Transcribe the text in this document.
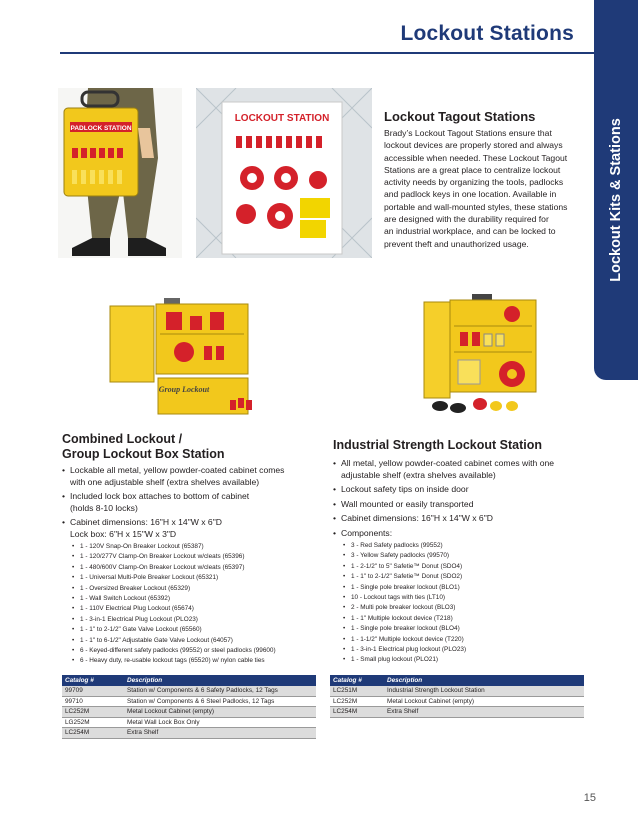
Lockout Stations
Lockout Kits & Stations
PADLOCK STATION
LOCKOUT STATION	Lockout Tagout Stations
Brady’s Lockout Tagout Stations ensure that
lockout devices are properly stored and always
accessible when needed. These Lockout Tagout
Stations are a great place to centralize lockout
activity needs by organizing the tools, padlocks
and padlock keys in one location. Available in
portable and wall-mounted styles, these stations
are designed with the durability required for
an industrial workplace, and can be locked to
prevent theft and unauthorized usage.
Group Lockout
Combined Lockout /
Group Lockout Box Station
• Lockable all metal, yellow powder-coated cabinet comes
with one adjustable shelf (extra shelves available)
• Included lock box attaches to bottom of cabinet
(holds 8-10 locks)
• Cabinet dimensions: 16"H x 14"W x 6"D
Lock box: 6"H x 15"W x 3"D
• 1 - 120V Snap-On Breaker Lockout (65387)
• 1 - 120/277V Clamp-On Breaker Lockout w/cleats (65396)
• 1 - 480/600V Clamp-On Breaker Lockout w/cleats (65397)
• 1 - Universal Multi-Pole Breaker Lockout (65321)
• 1 - Oversized Breaker Lockout (65329)
• 1 - Wall Switch Lockout (65392)
• 1 - 110V Electrical Plug Lockout (65674)
• 1 - 3-in-1 Electrical Plug Lockout (PLO23)
• 1 - 1" to 2-1/2" Gate Valve Lockout (65560)
• 1 - 1" to 6-1/2" Adjustable Gate Valve Lockout (64057)
• 6 - Keyed-different safety padlocks (99552) or steel padlocks (99600)
• 6 - Heavy duty, re-usable lockout tags (65520) w/ nylon cable ties
Catalog #	Description
99709	Station w/ Components & 6 Safety Padlocks, 12 Tags
99710	Station w/ Components & 6 Steel Padlocks, 12 Tags
LC252M	Metal Lockout Cabinet (empty)
LG252M	Metal Wall Lock Box Only
LC254M	Extra Shelf
Industrial Strength Lockout Station
• All metal, yellow powder-coated cabinet comes with one
adjustable shelf (extra shelves available)
• Lockout safety tips on inside door
• Wall mounted or easily transported
• Cabinet dimensions: 16"H x 14"W x 6"D
• Components:
• 3 - Red Safety padlocks (99552)
• 3 - Yellow Safety padlocks (99570)
• 1 - 2-1/2" to 5" Safetie™ Donut (SDO4)
• 1 - 1" to 2-1/2" Safetie™ Donut (SDO2)
• 1 - Single pole breaker lockout (BLO1)
• 10 - Lockout tags with ties (LT10)
• 2 - Multi pole breaker lockout (BLO3)
• 1 - 1" Multiple lockout device (T218)
• 1 - Single pole breaker lockout (BLO4)
• 1 - 1-1/2" Multiple lockout device (T220)
• 1 - 3-in-1 Electrical plug lockout (PLO23)
• 1 - Small plug lockout (PLO21)
Catalog #	Description
LC251M	Industrial Strength Lockout Station
LC252M	Metal Lockout Cabinet (empty)
LC254M	Extra Shelf
15
